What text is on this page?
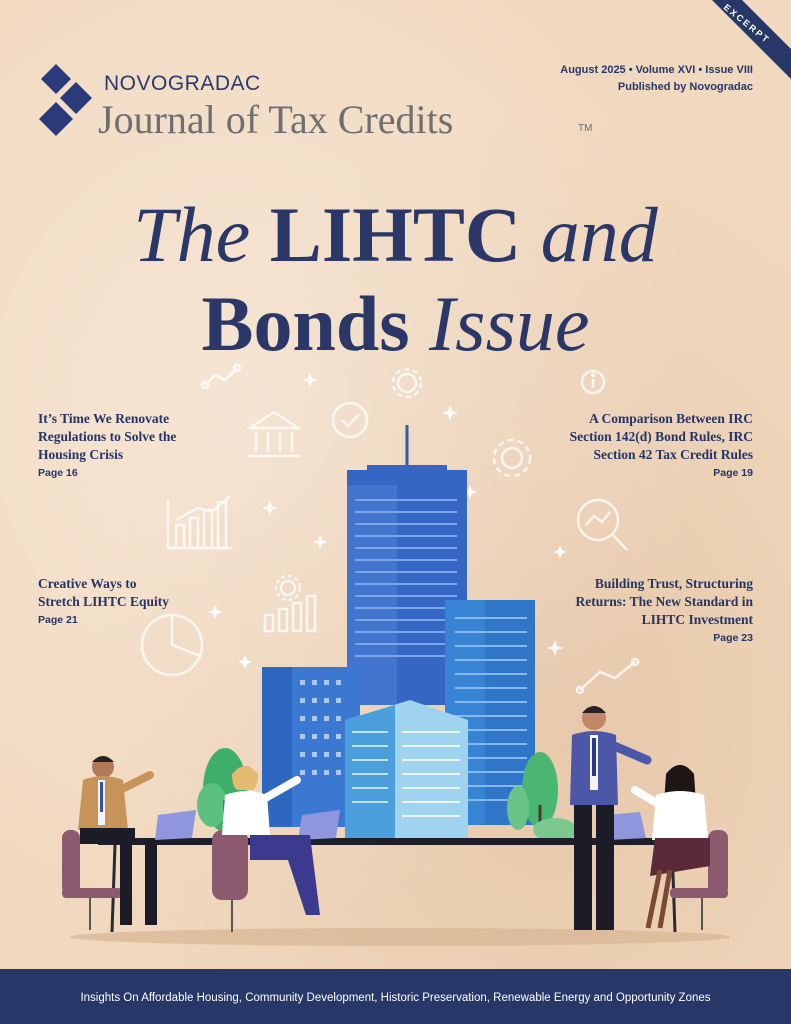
EXCERPT
NOVOGRADAC
Journal of Tax Credits	TM
August 2025 • Volume XVI • Issue VIII
Published by Novogradac
The LIHTC and
Bonds Issue
It’s Time We Renovate
Regulations to Solve the
Housing Crisis
Page 16
A Comparison Between IRC
Section 142(d) Bond Rules, IRC
Section 42 Tax Credit Rules
Page 19
Creative Ways to
Stretch LIHTC Equity
Page 21
Building Trust, Structuring
Returns: The New Standard in
LIHTC Investment
Page 23
Insights On Affordable Housing, Community Development, Historic Preservation, Renewable Energy and Opportunity Zones
